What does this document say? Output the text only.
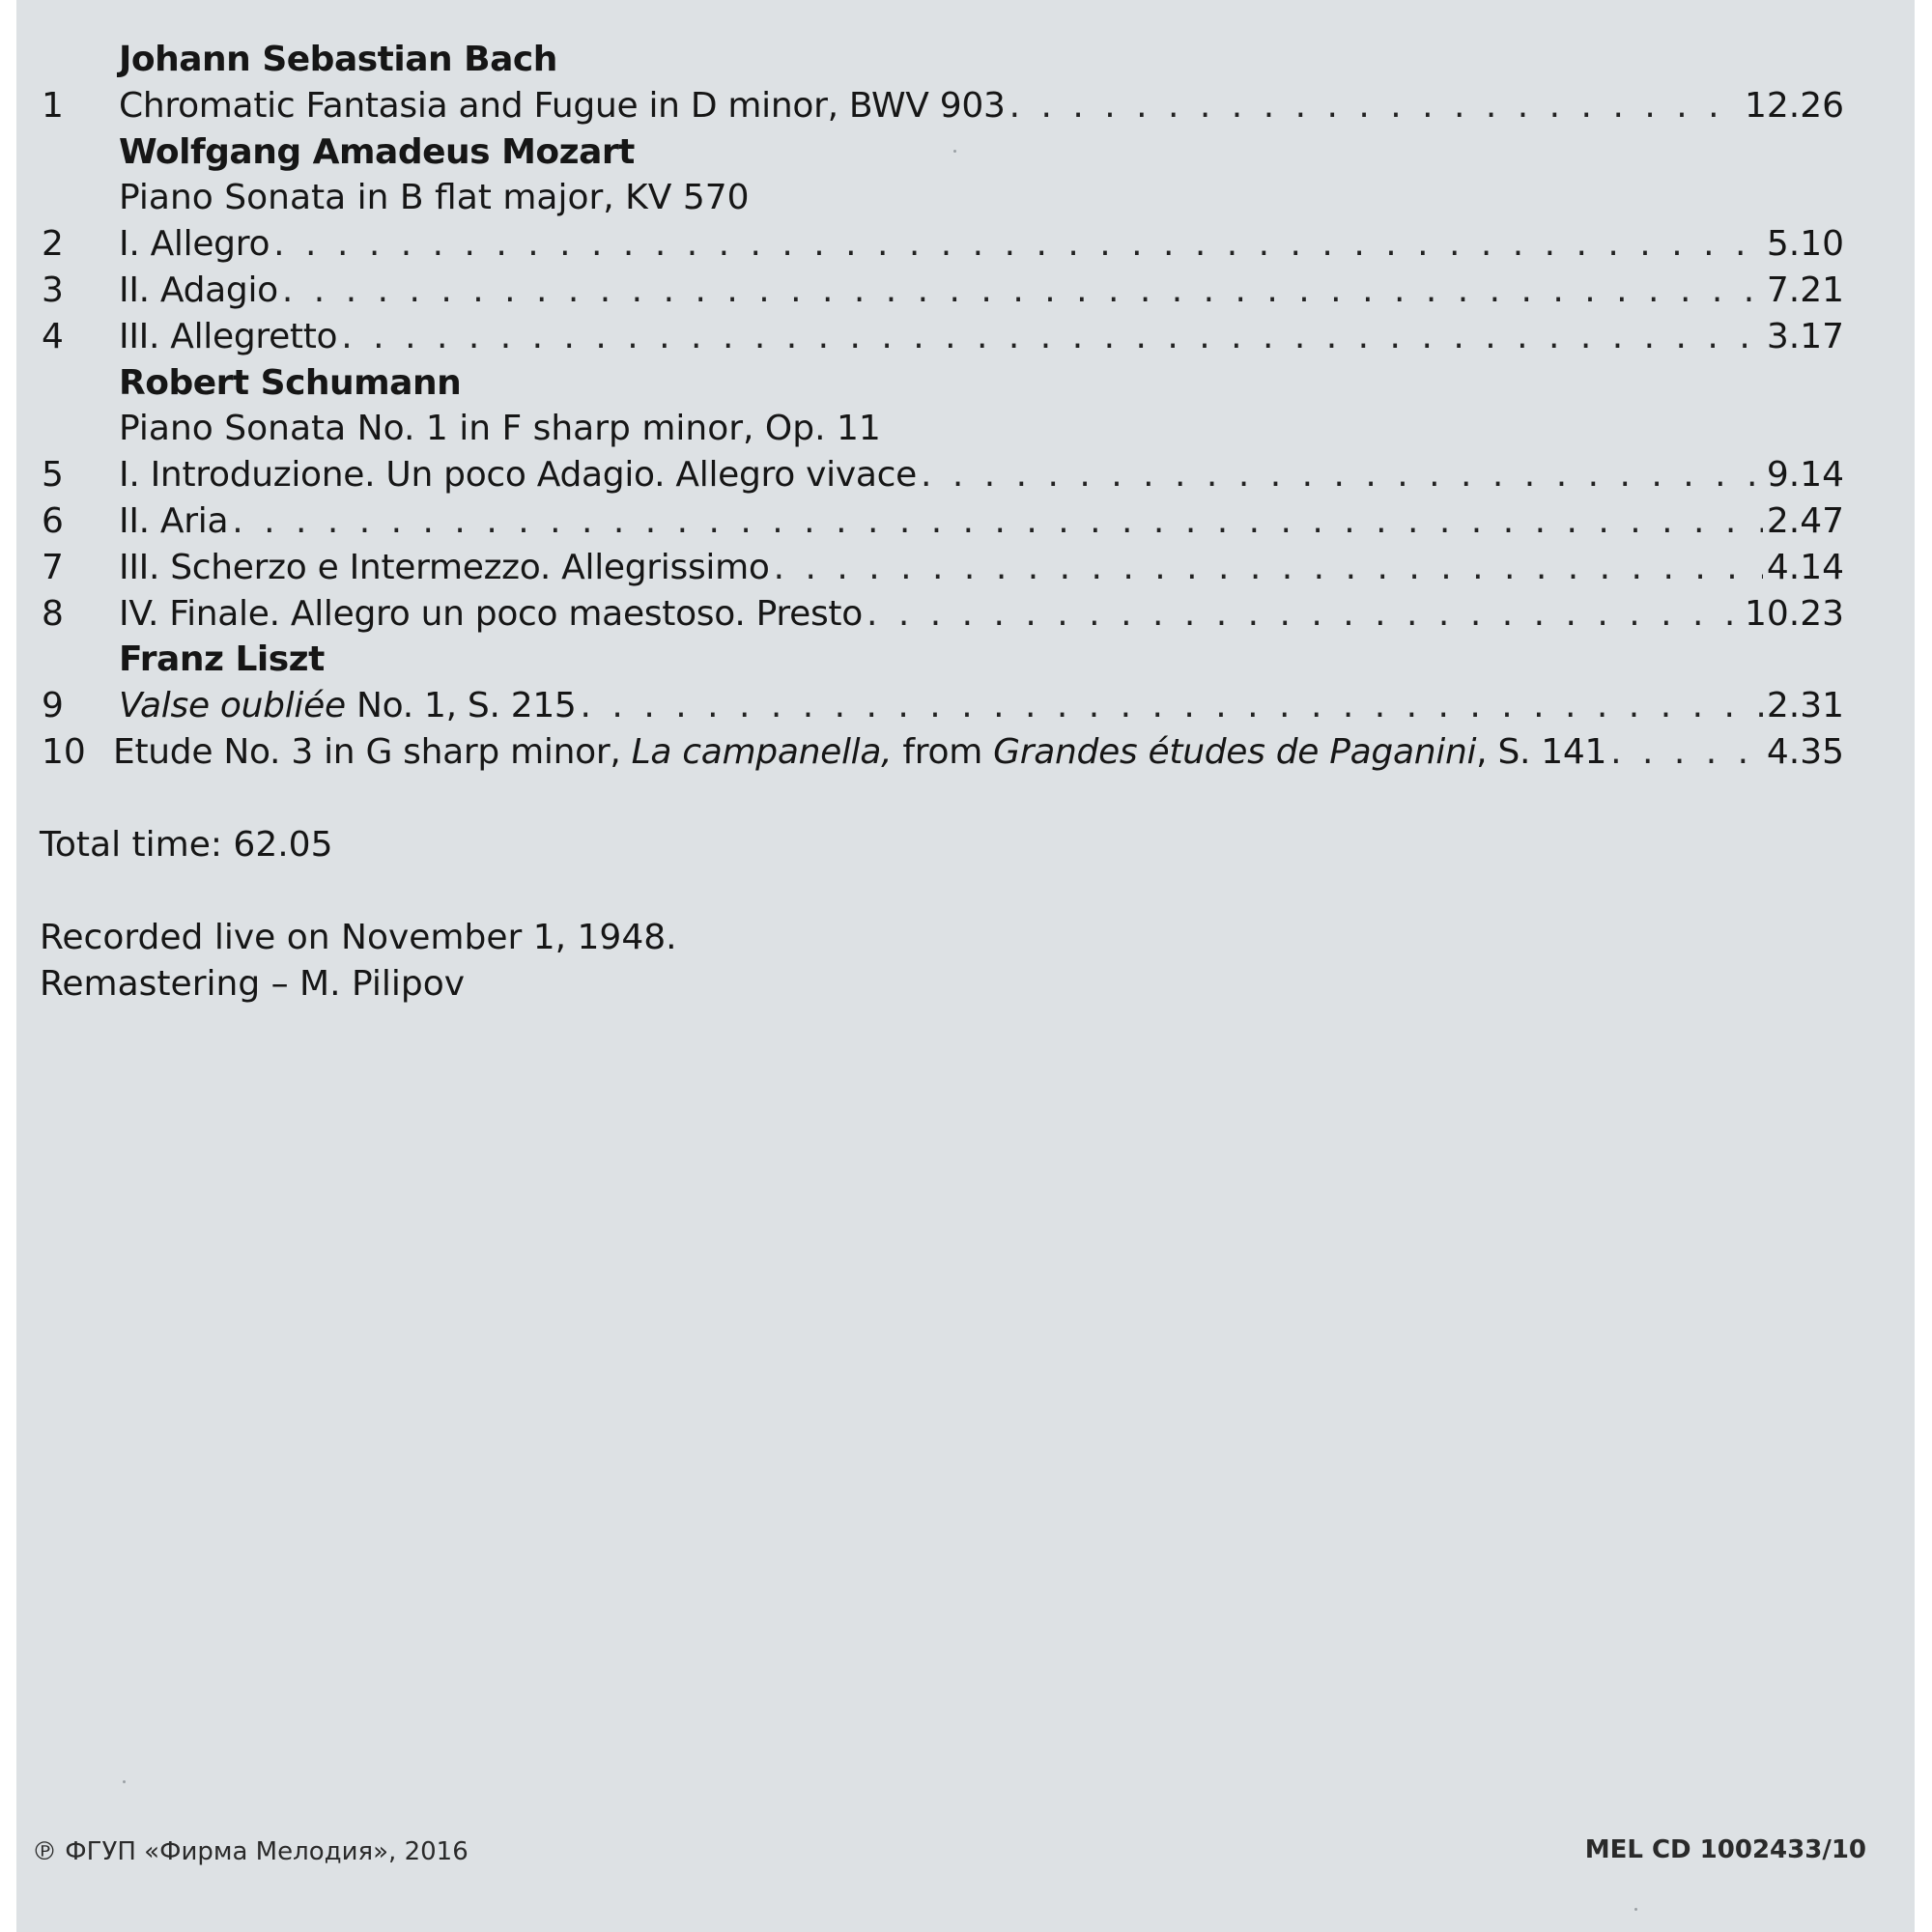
Johann Sebastian Bach
1	Chromatic Fantasia and Fugue in D minor, BWV 903 . . .	12.26
Wolfgang Amadeus Mozart
Piano Sonata in B flat major, KV 570
2	I. Allegro . . .	5.10
3	II. Adagio . . .	7.21
4	III. Allegretto . . .	3.17
Robert Schumann
Piano Sonata No. 1 in F sharp minor, Op. 11
5	I. Introduzione. Un poco Adagio. Allegro vivace . . .	9.14
6	II. Aria . . .	2.47
7	III. Scherzo e Intermezzo. Allegrissimo . . .	4.14
8	IV. Finale. Allegro un poco maestoso. Presto . . .	10.23
Franz Liszt
9	Valse oubliée No. 1, S. 215 . . .	2.31
10 Etude No. 3 in G sharp minor, La campanella, from Grandes études de Paganini, S. 141 . . .	4.35
Total time: 62.05
Recorded live on November 1, 1948.
Remastering – M. Pilipov
℗ ФГУП «Фирма Мелодия», 2016	MEL CD 1002433/10
